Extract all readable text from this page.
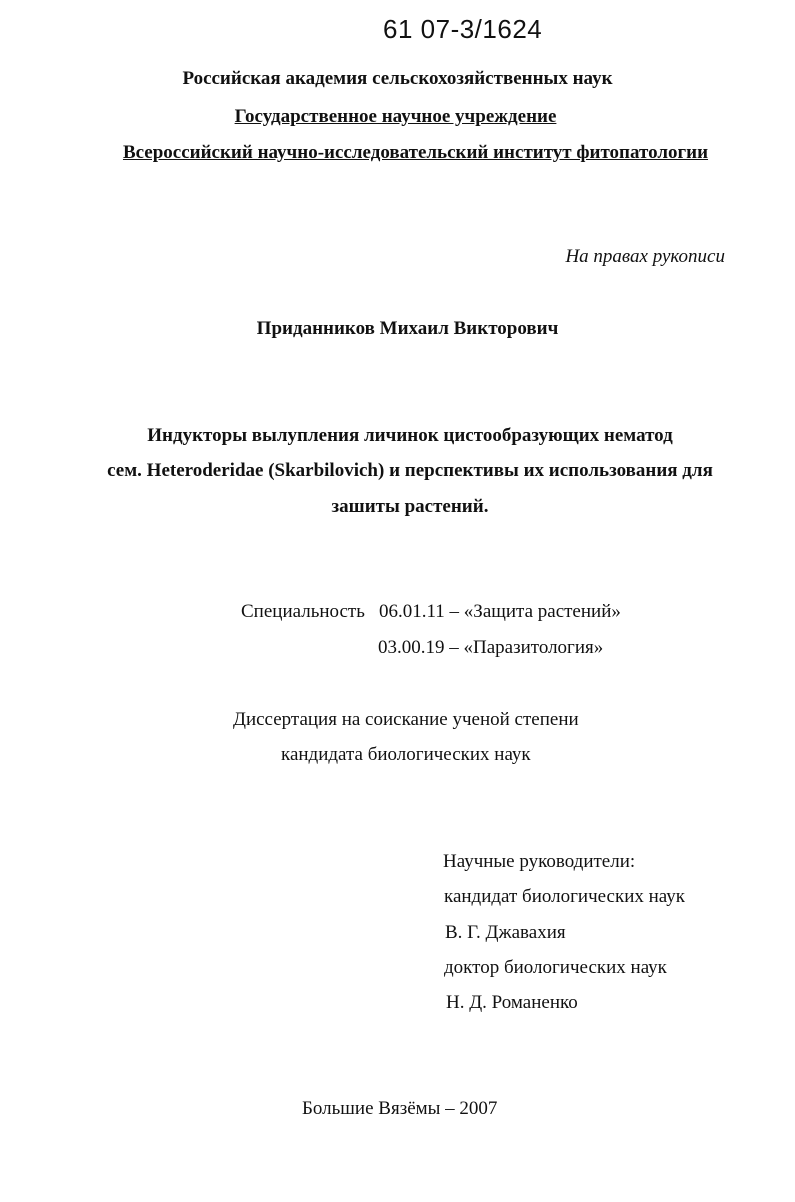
61 07-3/1624
Российская академия сельскохозяйственных наук
Государственное научное учреждение
Всероссийский научно-исследовательский институт фитопатологии
На правах рукописи
Приданников Михаил Викторович
Индукторы вылупления личинок цистообразующих нематод
сем. Heteroderidae (Skarbilovich) и перспективы их использования для
зашиты растений.
Специальность 06.01.11 – «Защита растений»
03.00.19 – «Паразитология»
Диссертация на соискание ученой степени
кандидата биологических наук
Научные руководители:
кандидат биологических наук
В. Г. Джавахия
доктор биологических наук
Н. Д. Романенко
Большие Вязёмы – 2007
